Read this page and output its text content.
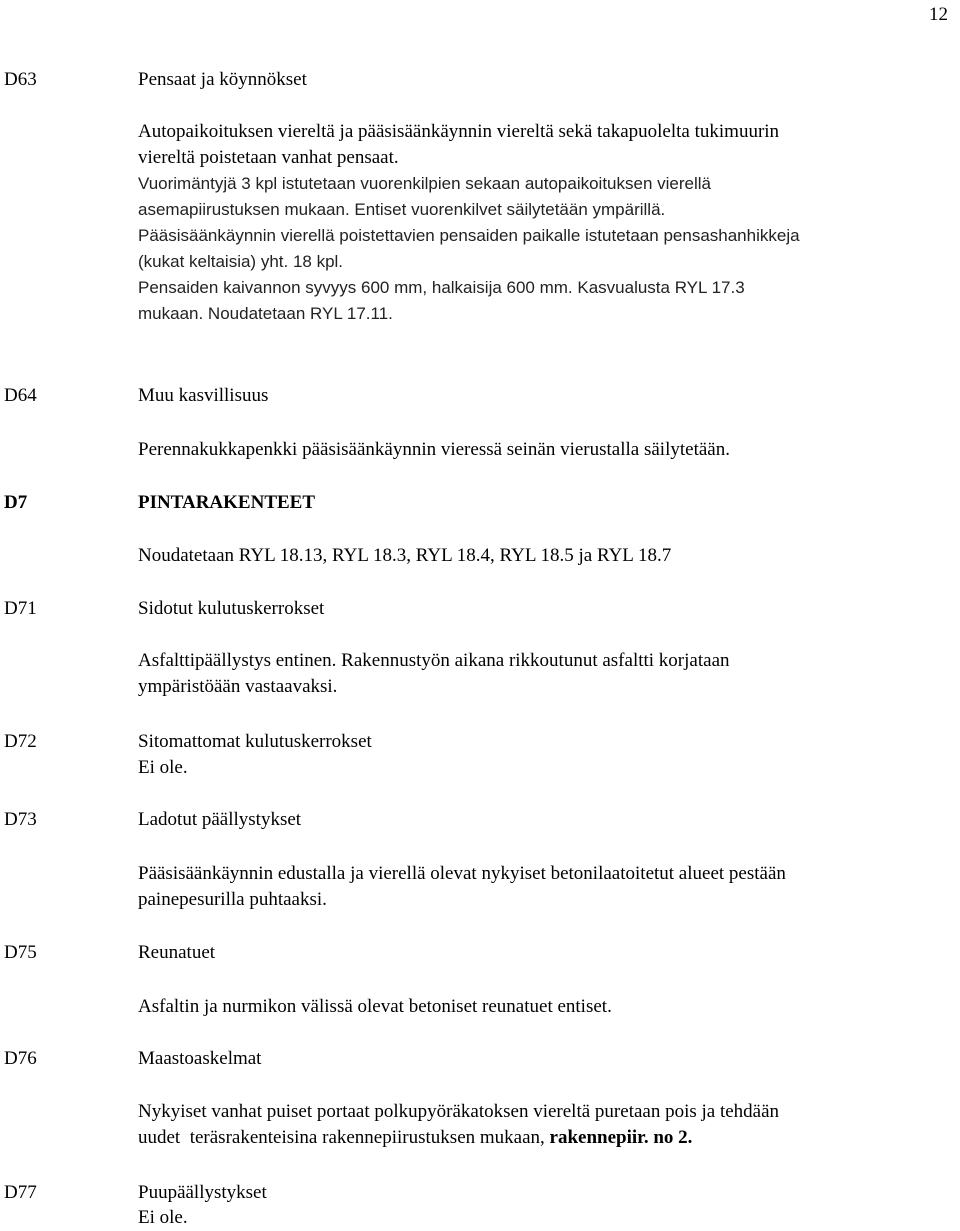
12
D63	Pensaat ja köynnökset
Autopaikoituksen viereltä ja pääsisäänkäynnin viereltä sekä takapuolelta tukimuurin
viereltä poistetaan vanhat pensaat.
Vuorimäntyjä 3 kpl istutetaan vuorenkilpien sekaan autopaikoituksen vierellä
asemapiirustuksen mukaan. Entiset vuorenkilvet säilytetään ympärillä.
Pääsisäänkäynnin vierellä poistettavien pensaiden paikalle istutetaan pensashanhikkeja
(kukat keltaisia) yht. 18 kpl.
Pensaiden kaivannon syvyys 600 mm, halkaisija 600 mm. Kasvualusta RYL 17.3
mukaan. Noudatetaan RYL 17.11.
D64	Muu kasvillisuus
Perennakukkapenkki pääsisäänkäynnin vieressä seinän vierustalla säilytetään.
D7	PINTARAKENTEET
Noudatetaan RYL 18.13, RYL 18.3, RYL 18.4, RYL 18.5 ja RYL 18.7
D71	Sidotut kulutuskerrokset
Asfalttipäällystys entinen. Rakennustyön aikana rikkoutunut asfaltti korjataan
ympäristöään vastaavaksi.
D72	Sitomattomat kulutuskerrokset
Ei ole.
D73	Ladotut päällystykset
Pääsisäänkäynnin edustalla ja vierellä olevat nykyiset betonilaatoitetut alueet pestään
painepesurilla puhtaaksi.
D75	Reunatuet
Asfaltin ja nurmikon välissä olevat betoniset reunatuet entiset.
D76	Maastoaskelmat
Nykyiset vanhat puiset portaat polkupyöräkatoksen viereltä puretaan pois ja tehdään
uudet  teräsrakenteisina rakennepiirustuksen mukaan, rakennepiir. no 2.
D77	Puupäällystykset
Ei ole.
